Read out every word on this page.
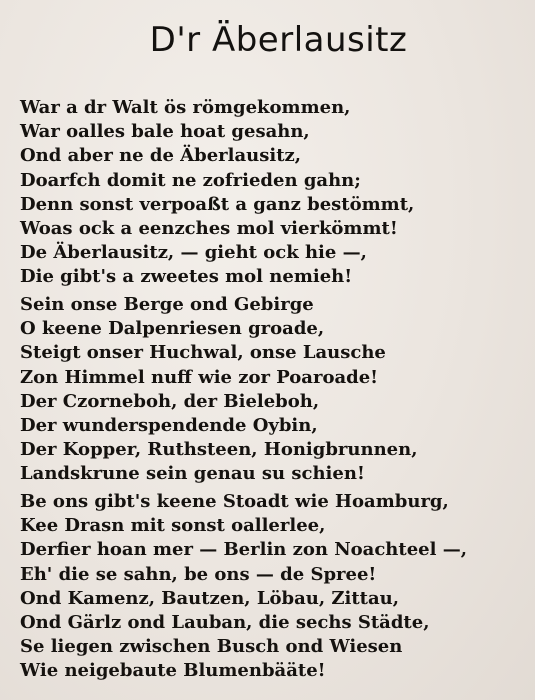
D'r Äberlausitz
War a dr Walt ös römgekommen,
War oalles bale hoat gesahn,
Ond aber ne de Äberlausitz,
Doarfch domit ne zofrieden gahn;
Denn sonst verpoaßt a ganz bestömmt,
Woas ock a eenzches mol vierkömmt!
De Äberlausitz, — gieht ock hie —,
Die gibt's a zweetes mol nemieh!
Sein onse Berge ond Gebirge
O keene Dalpenriesen groade,
Steigt onser Huchwal, onse Lausche
Zon Himmel nuff wie zor Poaroade!
Der Czorneboh, der Bieleboh,
Der wunderspendende Oybin,
Der Kopper, Ruthsteen, Honigbrunnen,
Landskrune sein genau su schien!
Be ons gibt's keene Stoadt wie Hoamburg,
Kee Drasn mit sonst oallerlee,
Derfier hoan mer — Berlin zon Noachteel —,
Eh' die se sahn, be ons — de Spree!
Ond Kamenz, Bautzen, Löbau, Zittau,
Ond Gärlz ond Lauban, die sechs Städte,
Se liegen zwischen Busch ond Wiesen
Wie neigebaute Blumenbääte!
